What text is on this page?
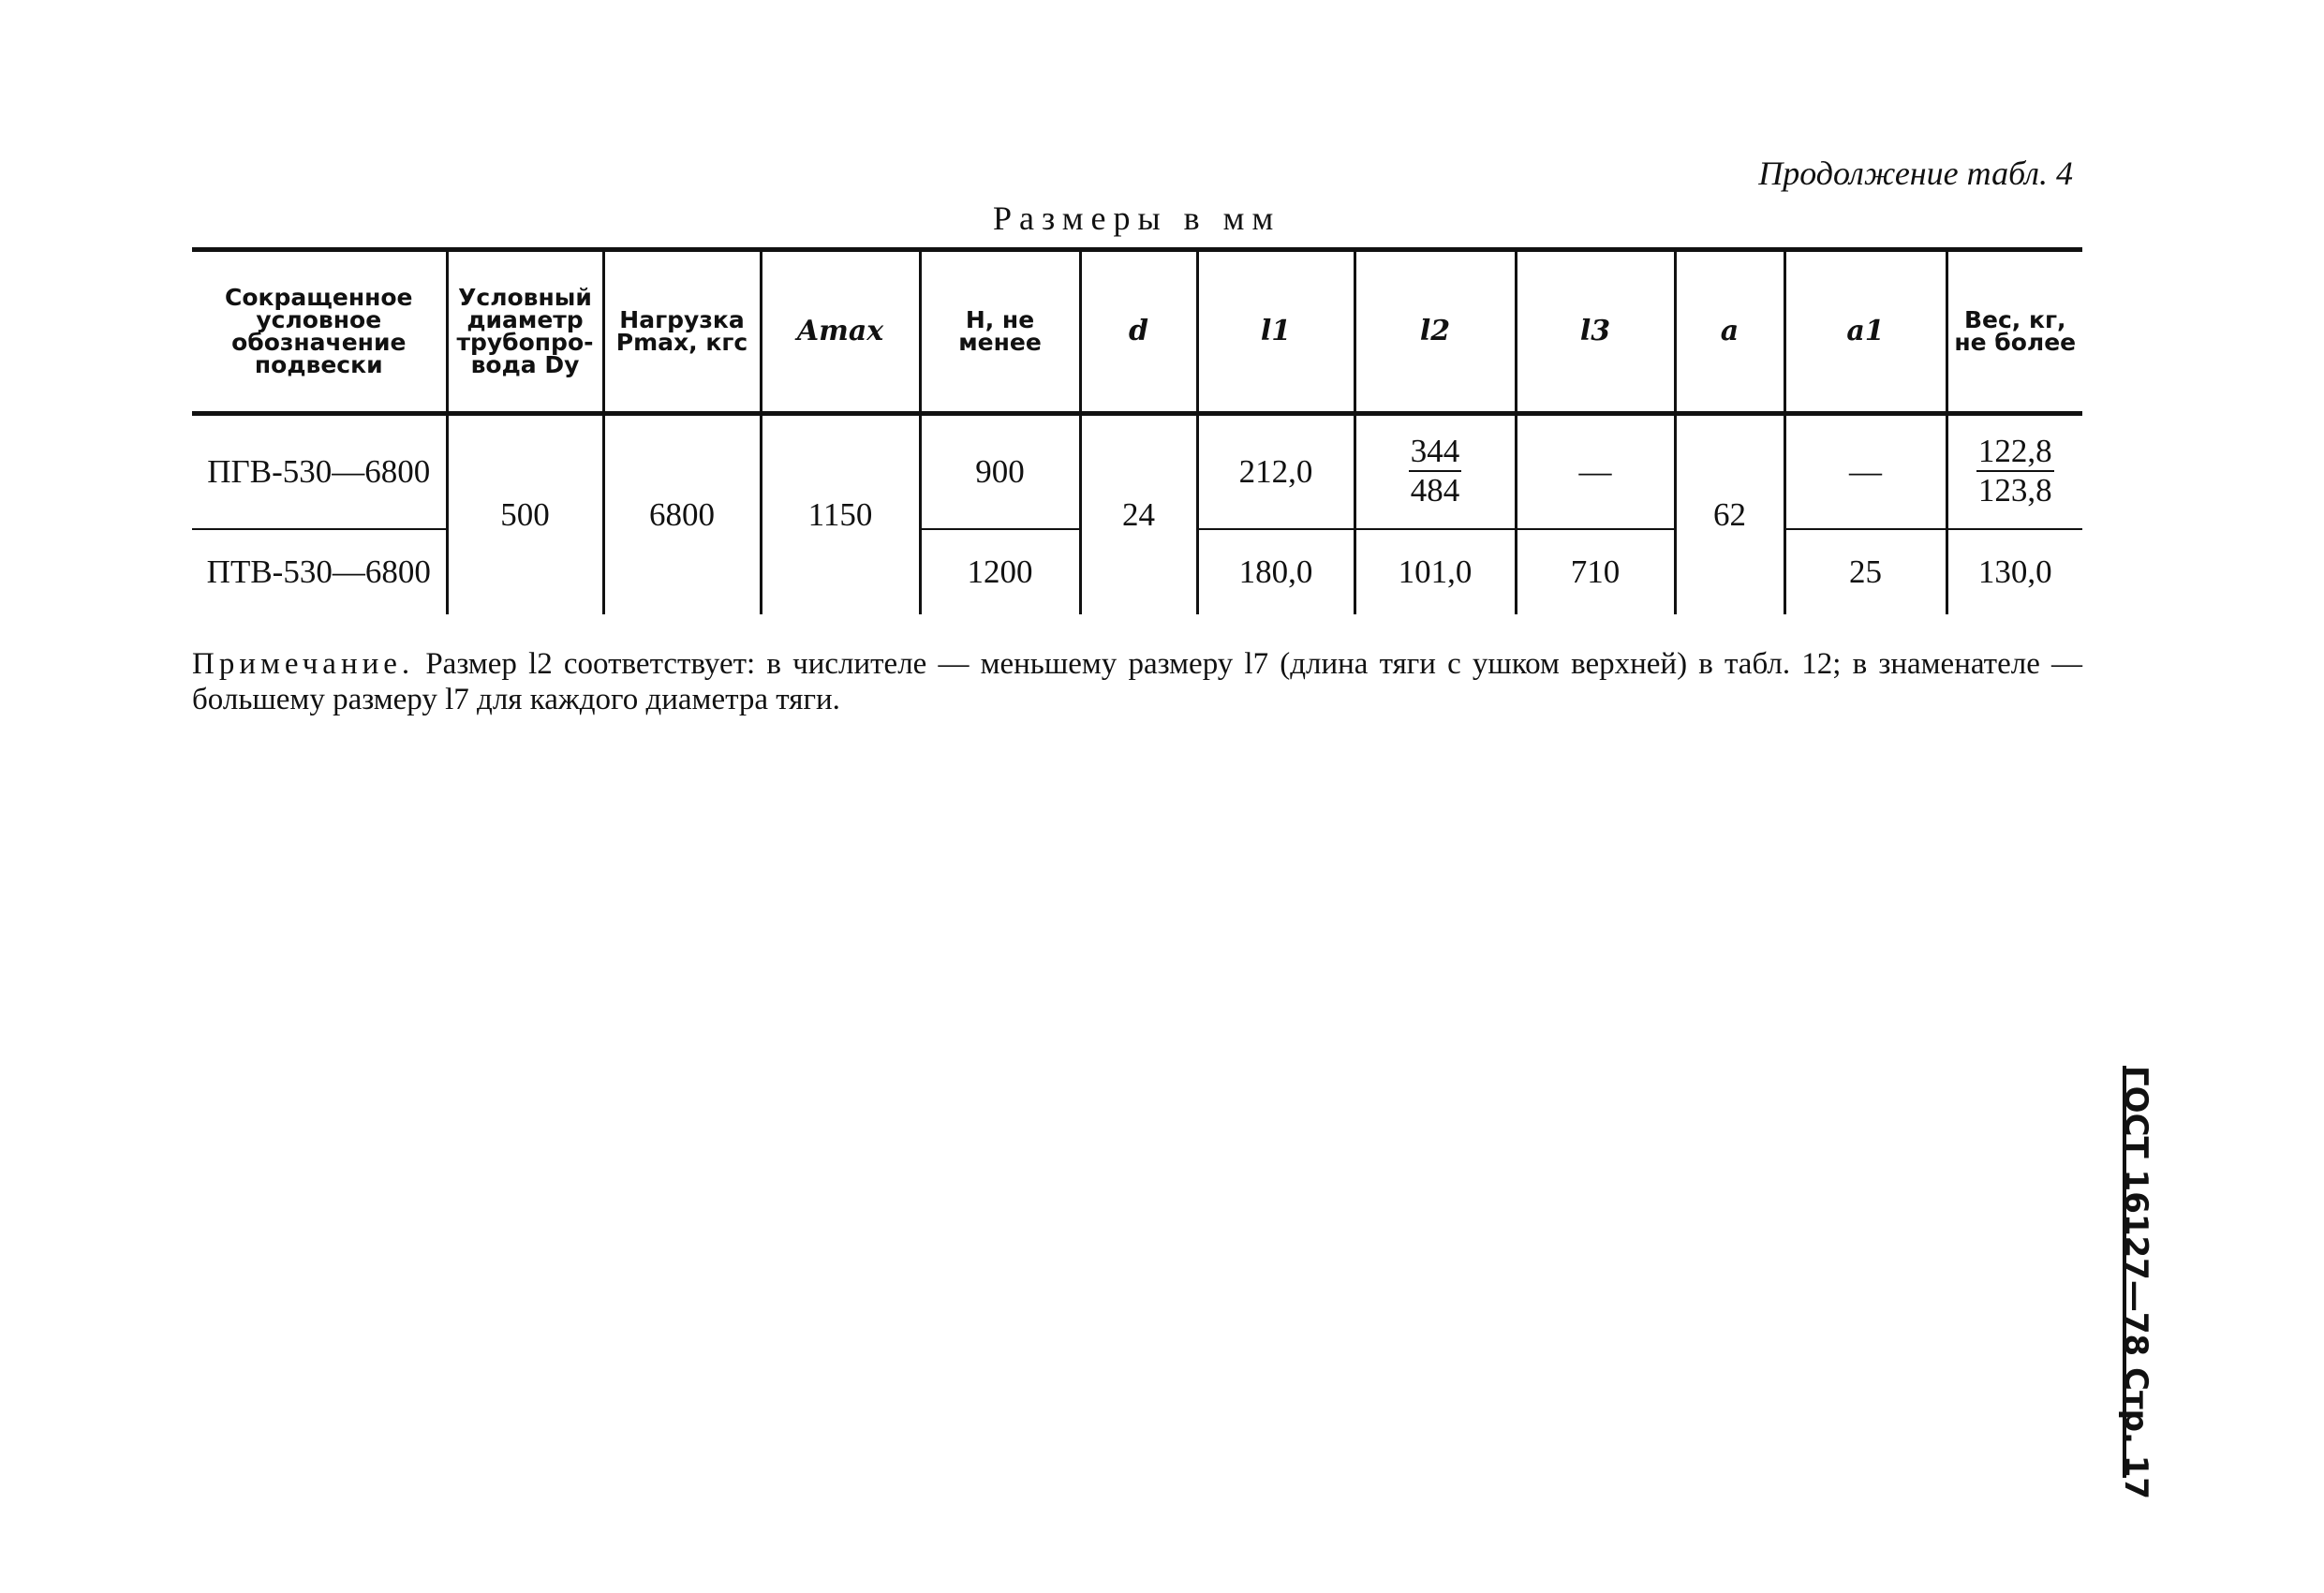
Продолжение табл. 4
Размеры в мм
Сокращенное условное обозначение подвески	Условный диаметр трубопро- вода Dу	Нагрузка Pmax, кгс	Amax	H, не менее	d	l1	l2	l3	a	a1	Вес, кг, не более
ПГВ-530—6800	500	6800	1150	900	24	212,0	$\frac{344}{484}$	—	62	—	$\frac{122,8}{123,8}$

ПТВ-530—6800				1200		180,0	101,0	710		25	130,0
Примечание. Размер l2 соответствует: в числителе — меньшему размеру l7 (длина тяги с ушком верхней) в табл. 12; в знаменателе — большему размеру l7 для каждого диаметра тяги.
ГОСТ 16127—78 Стр. 17
